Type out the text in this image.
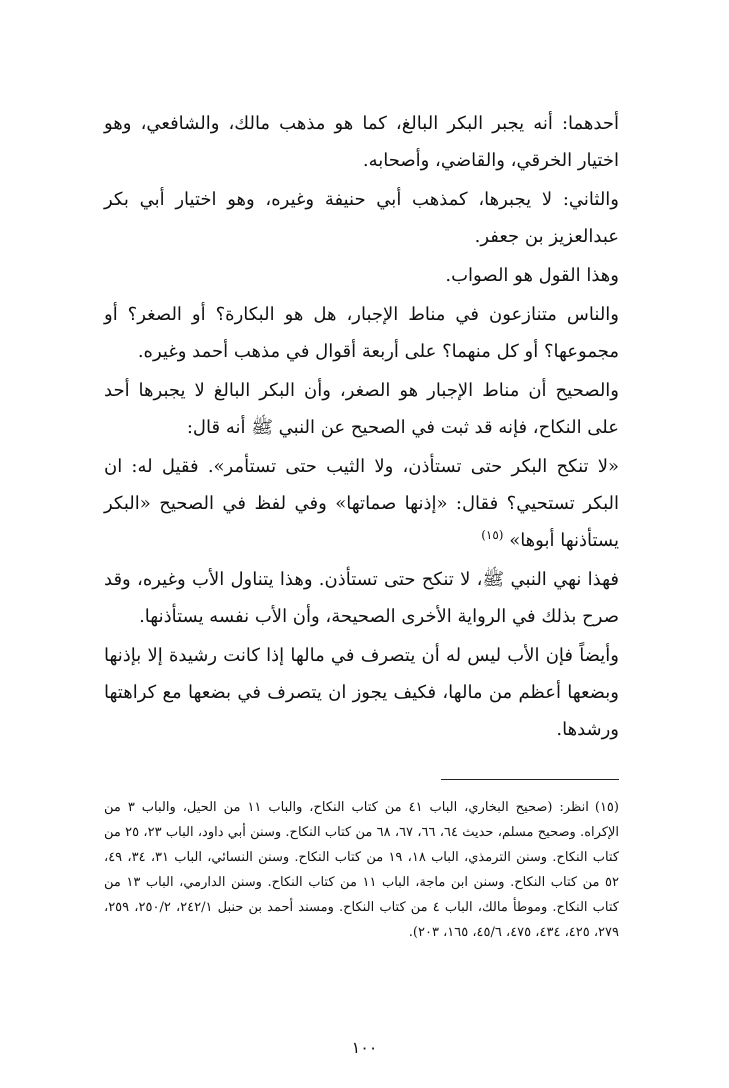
أحدهما: أنه يجبر البكر البالغ، كما هو مذهب مالك، والشافعي، وهو اختيار الخرقي، والقاضي، وأصحابه.

والثاني: لا يجبرها، كمذهب أبي حنيفة وغيره، وهو اختيار أبي بكر عبدالعزيز بن جعفر.

وهذا القول هو الصواب.

والناس متنازعون في مناط الإجبار، هل هو البكارة؟ أو الصغر؟ أو مجموعها؟ أو كل منهما؟ على أربعة أقوال في مذهب أحمد وغيره.

والصحيح أن مناط الإجبار هو الصغر، وأن البكر البالغ لا يجبرها أحد على النكاح، فإنه قد ثبت في الصحيح عن النبي ﷺ أنه قال:

«لا تنكح البكر حتى تستأذن، ولا الثيب حتى تستأمر». فقيل له: ان البكر تستحيي؟ فقال: «إذنها صماتها» وفي لفظ في الصحيح «البكر يستأذنها أبوها» $^{(١٥)}$

فهذا نهي النبي ﷺ، لا تنكح حتى تستأذن. وهذا يتناول الأب وغيره، وقد صرح بذلك في الرواية الأخرى الصحيحة، وأن الأب نفسه يستأذنها.

وأيضاً فإن الأب ليس له أن يتصرف في مالها إذا كانت رشيدة إلا بإذنها وبضعها أعظم من مالها، فكيف يجوز ان يتصرف في بضعها مع كراهتها ورشدها.

(١٥)انظر: (صحيح البخاري، الباب ٤١ من كتاب النكاح، والباب ١١ من الحيل، والباب ٣ من الإكراه. وصحيح مسلم، حديث ٦٤، ٦٦، ٦٧، ٦٨ من كتاب النكاح. وسنن أبي داود، الباب ٢٣، ٢٥ من كتاب النكاح. وسنن الترمذي، الباب ١٨، ١٩ من كتاب النكاح. وسنن النسائي، الباب ٣١، ٣٤، ٤٩، ٥٢ من كتاب النكاح. وسنن ابن ماجة، الباب ١١ من كتاب النكاح. وسنن الدارمي، الباب ١٣ من كتاب النكاح. وموطأ مالك، الباب ٤ من كتاب النكاح. ومسند أحمد بن حنبل ٢٤٢/١، ٢٥٠/٢، ٢٥٩، ٢٧٩، ٤٢٥، ٤٣٤، ٤٧٥، ٤٥/٦، ١٦٥، ٢٠٣).
١٠٠
